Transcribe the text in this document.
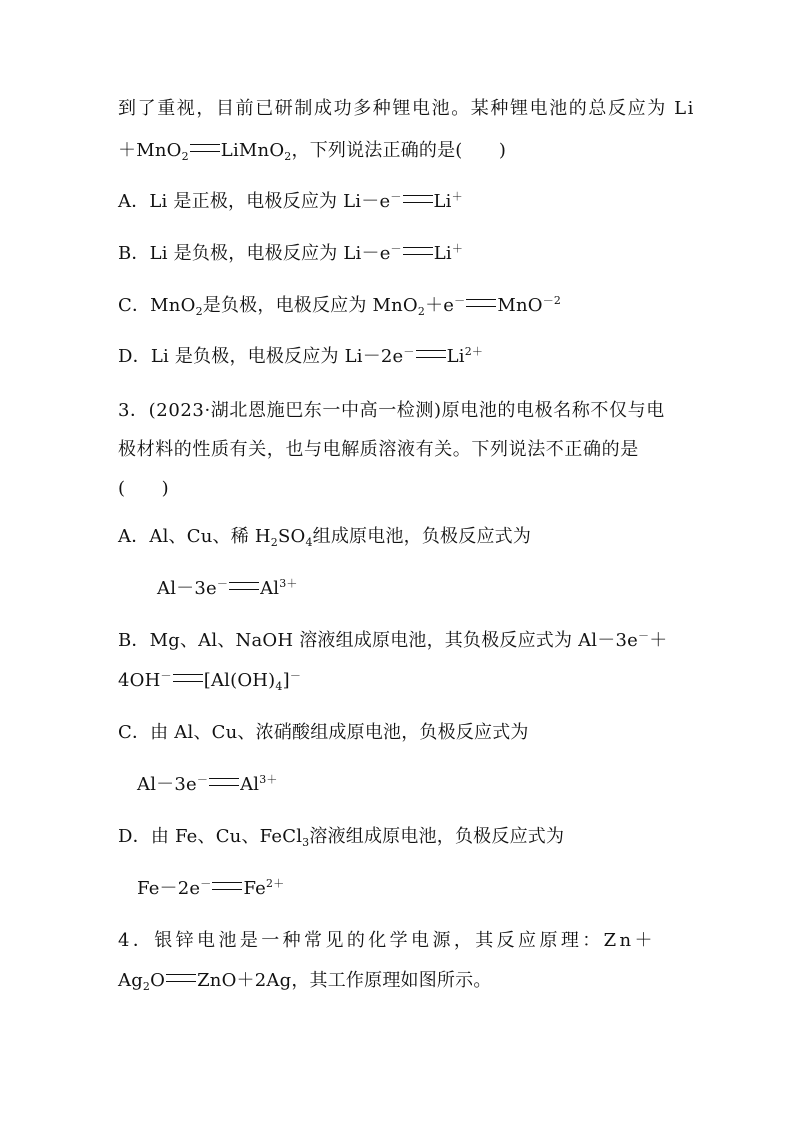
到了重视，目前已研制成功多种锂电池。某种锂电池的总反应为 Li
＋MnO$_2$ LiMnO$_2$，下列说法正确的是(　　)
A．Li 是正极，电极反应为 Li－e－ Li＋
B．Li 是负极，电极反应为 Li－e－ Li＋
C．MnO$_2$是负极，电极反应为 MnO$_2$＋e－ MnO$^{-2}$
D．Li 是负极，电极反应为 Li－2e－ $Li^{2+}$
3．(2023·湖北恩施巴东一中高一检测)原电池的电极名称不仅与电
极材料的性质有关，也与电解质溶液有关。下列说法不正确的是
(　　)
A．Al、Cu、稀 $H_2SO_4$组成原电池，负极反应式为
Al－3e－ $Al^{3+}$
B．Mg、Al、NaOH 溶液组成原电池，其负极反应式为 Al－3e－＋
4OH－ $[Al(OH)_4]^-$
C．由 Al、Cu、浓硝酸组成原电池，负极反应式为
Al－3e－ $Al^{3+}$
D．由 Fe、Cu、FeCl$_3$溶液组成原电池，负极反应式为
Fe－2e－ $Fe^{2+}$
4．银锌电池是一种常见的化学电源，其反应原理：Zn＋
$Ag_2O$ ZnO＋2Ag，其工作原理如图所示。
